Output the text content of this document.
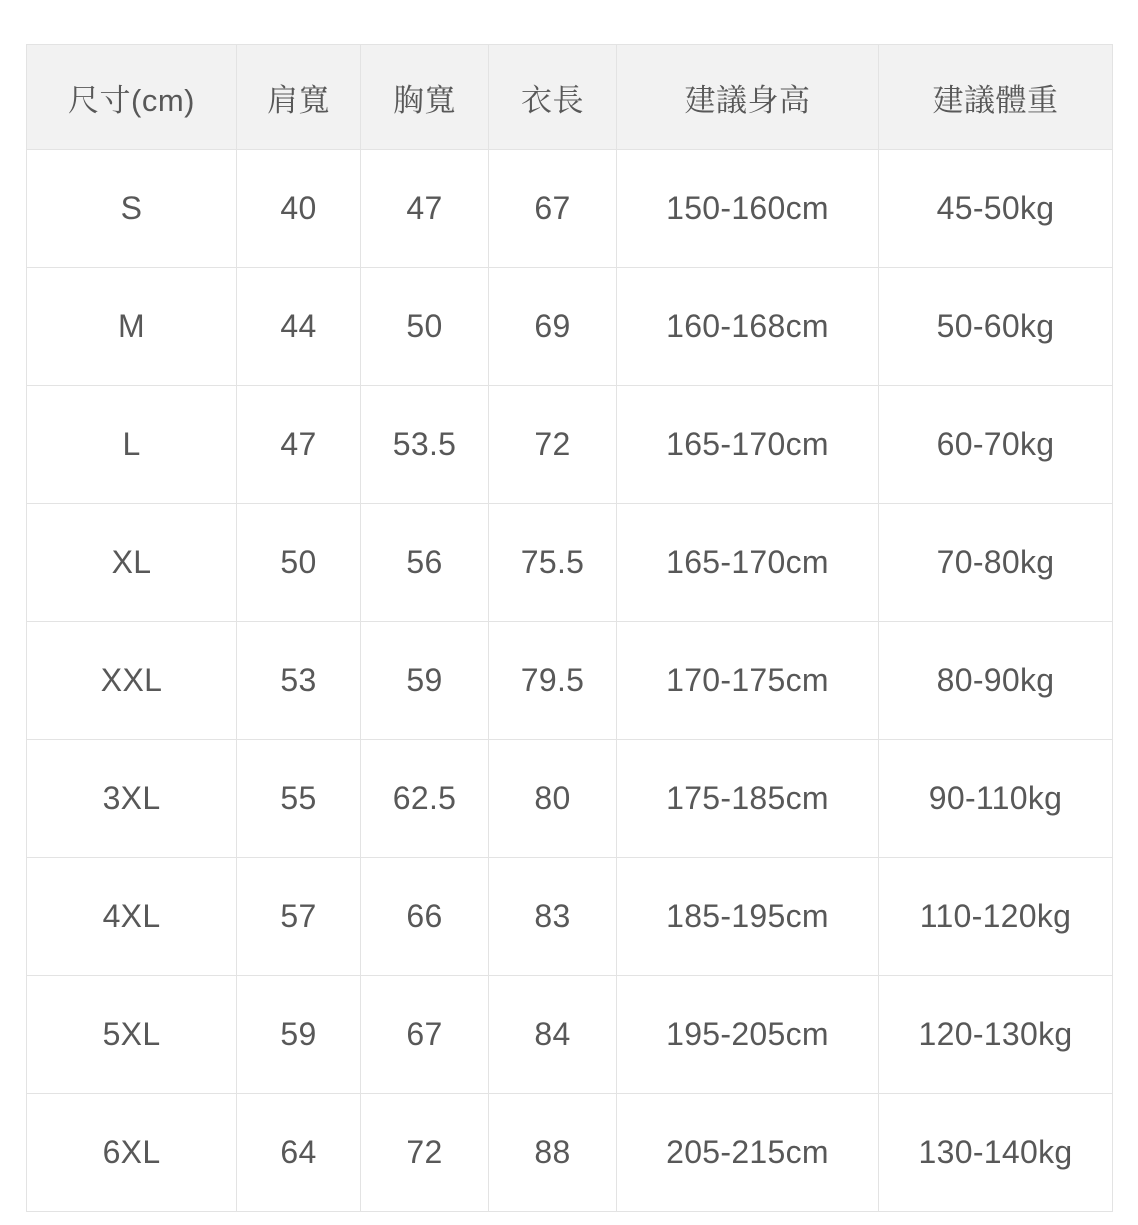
尺寸(cm)	肩寬	胸寬	衣長	建議身高	建議體重
S	40	47	67	150-160cm	45-50kg
M	44	50	69	160-168cm	50-60kg
L	47	53.5	72	165-170cm	60-70kg
XL	50	56	75.5	165-170cm	70-80kg
XXL	53	59	79.5	170-175cm	80-90kg
3XL	55	62.5	80	175-185cm	90-110kg
4XL	57	66	83	185-195cm	110-120kg
5XL	59	67	84	195-205cm	120-130kg
6XL	64	72	88	205-215cm	130-140kg
